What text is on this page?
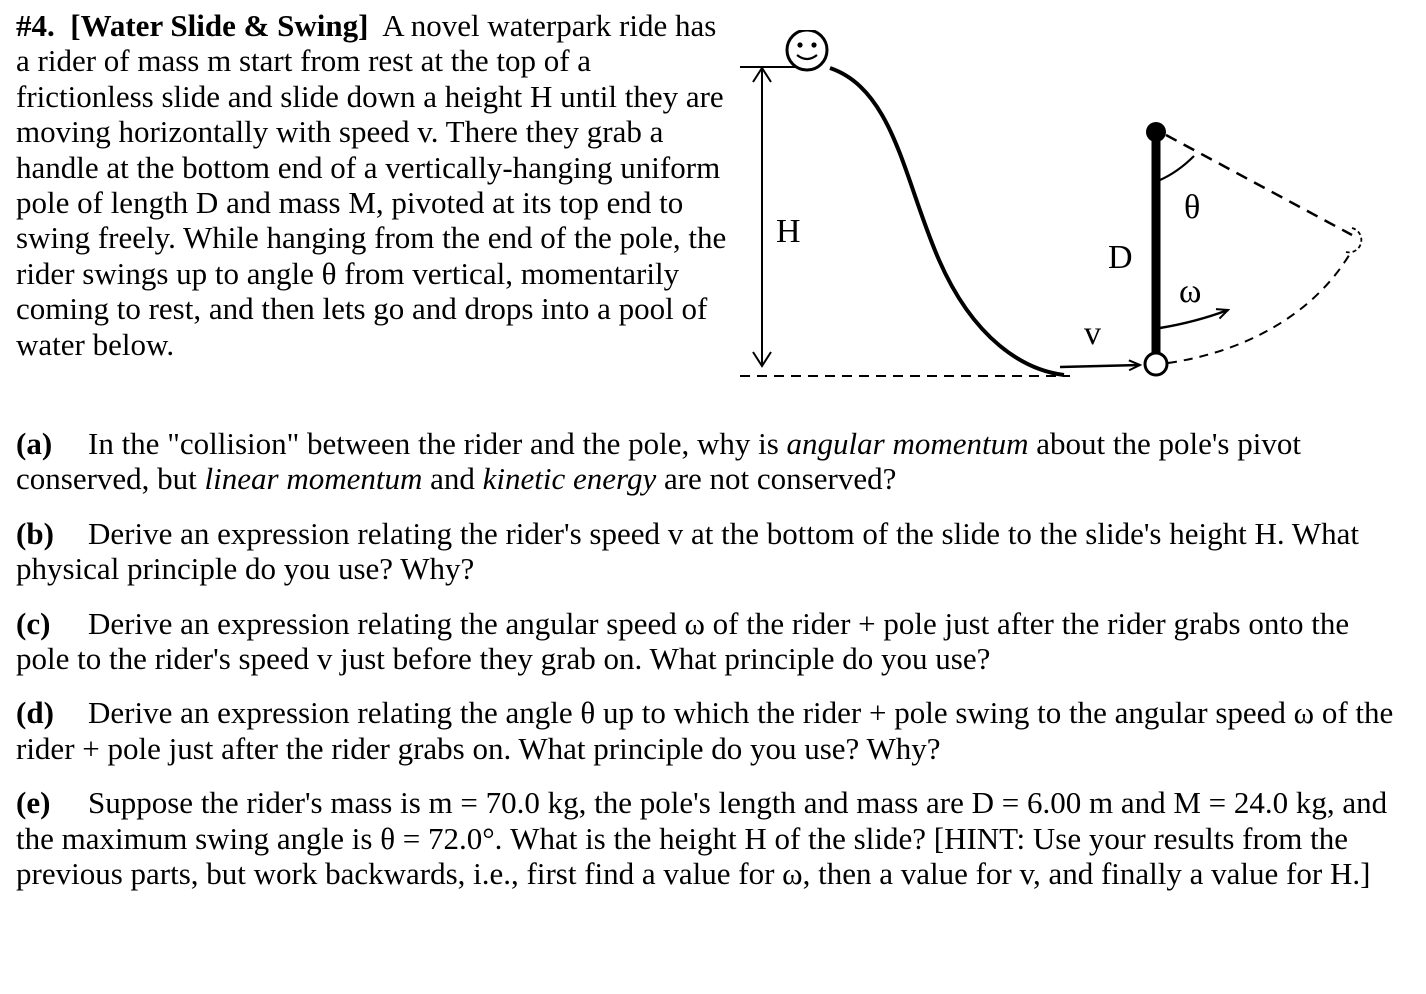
#4. [Water Slide & Swing] A novel waterpark ride has a rider of mass m start from rest at the top of a frictionless slide and slide down a height H until they are moving horizontally with speed v. There they grab a handle at the bottom end of a vertically-hanging uniform pole of length D and mass M, pivoted at its top end to swing freely. While hanging from the end of the pole, the rider swings up to angle θ from vertical, momentarily coming to rest, and then lets go and drops into a pool of water below.
H
v
D
θ
ω
(a) In the "collision" between the rider and the pole, why is angular momentum about the pole's pivot conserved, but linear momentum and kinetic energy are not conserved?
(b) Derive an expression relating the rider's speed v at the bottom of the slide to the slide's height H. What physical principle do you use? Why?
(c) Derive an expression relating the angular speed ω of the rider + pole just after the rider grabs onto the pole to the rider's speed v just before they grab on. What principle do you use?
(d) Derive an expression relating the angle θ up to which the rider + pole swing to the angular speed ω of the rider + pole just after the rider grabs on. What principle do you use? Why?
(e) Suppose the rider's mass is m = 70.0 kg, the pole's length and mass are D = 6.00 m and M = 24.0 kg, and the maximum swing angle is θ = 72.0°. What is the height H of the slide? [HINT: Use your results from the previous parts, but work backwards, i.e., first find a value for ω, then a value for v, and finally a value for H.]
